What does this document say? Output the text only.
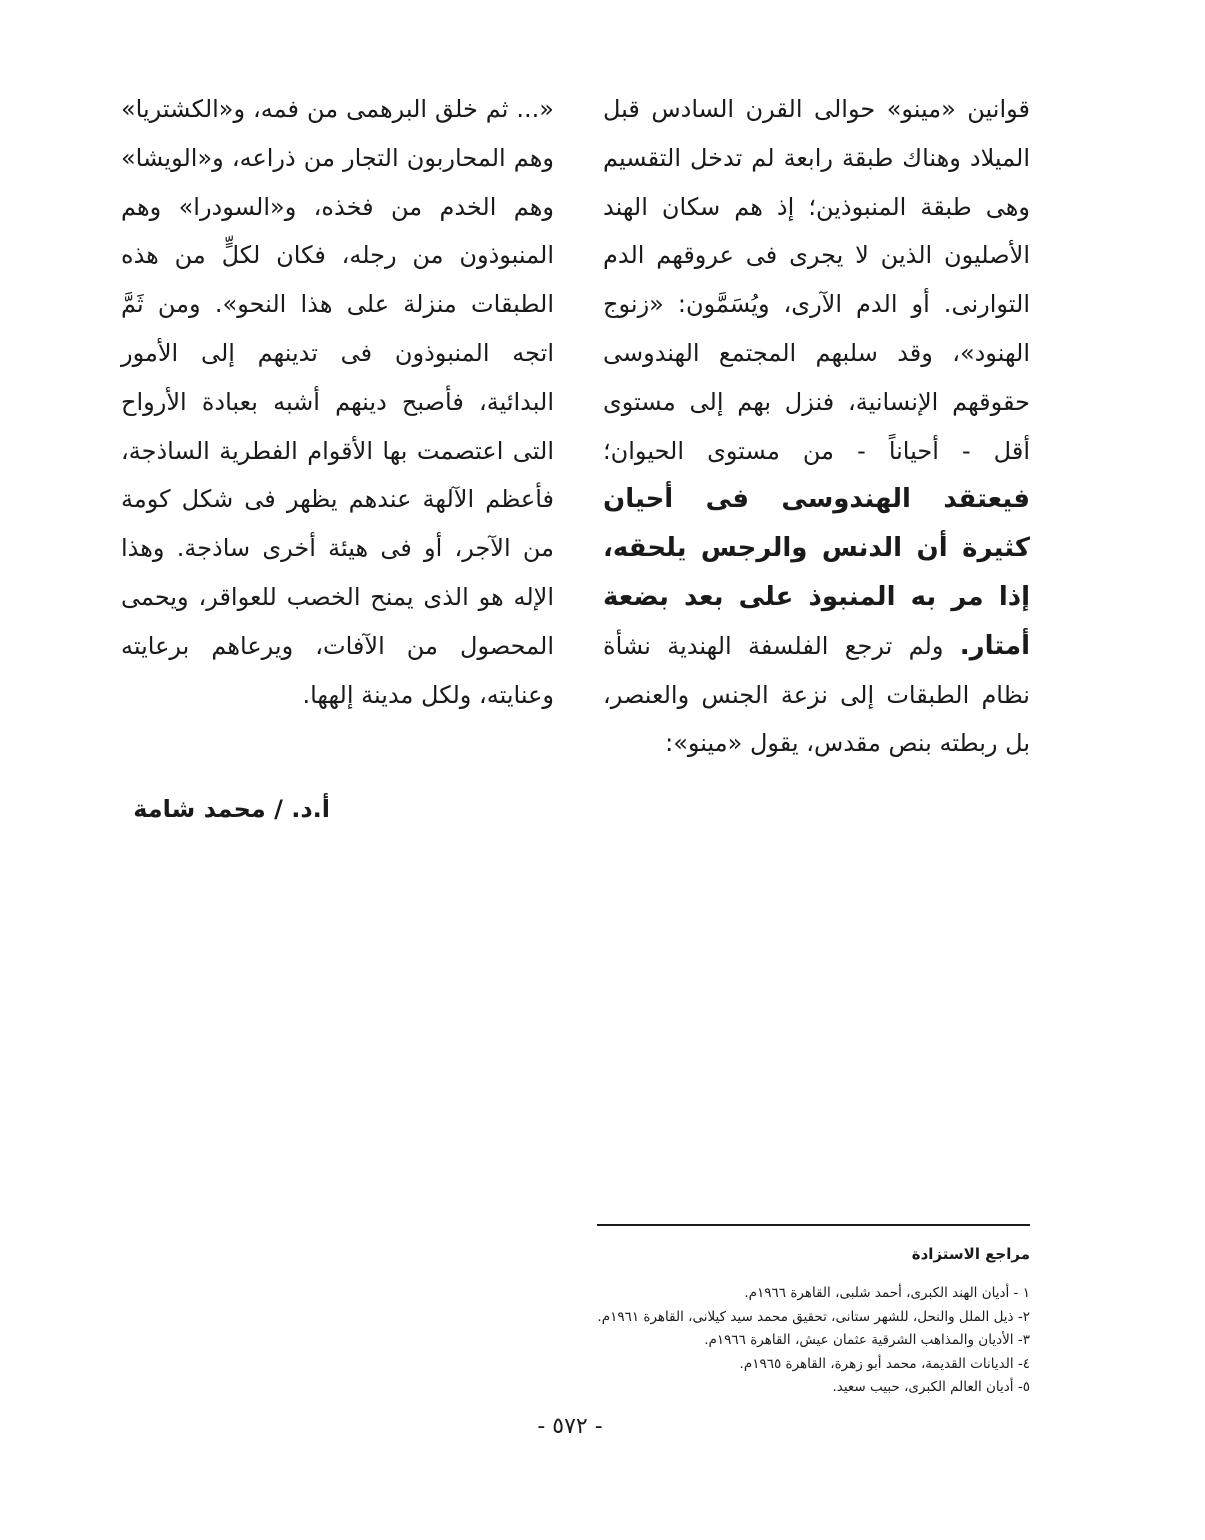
قوانين «مينو» حوالى القرن السادس قبل الميلاد وهناك طبقة رابعة لم تدخل التقسيم وهى طبقة المنبوذين؛ إذ هم سكان الهند الأصليون الذين لا يجرى فى عروقهم الدم التوارنى. أو الدم الآرى، ويُسَمَّون: «زنوج الهنود»، وقد سلبهم المجتمع الهندوسى حقوقهم الإنسانية، فنزل بهم إلى مستوى أقل - أحياناً - من مستوى الحيوان؛ فيعتقد الهندوسى فى أحيان كثيرة أن الدنس والرجس يلحقه، إذا مر به المنبوذ على بعد بضعة أمتار. ولم ترجع الفلسفة الهندية نشأة نظام الطبقات إلى نزعة الجنس والعنصر، بل ربطته بنص مقدس، يقول «مينو»:

«... ثم خلق البرهمى من فمه، و«الكشتريا» وهم المحاربون التجار من ذراعه، و«الويشا» وهم الخدم من فخذه، و«السودرا» وهم المنبوذون من رجله، فكان لكلٍّ من هذه الطبقات منزلة على هذا النحو». ومن ثَمَّ اتجه المنبوذون فى تدينهم إلى الأمور البدائية، فأصبح دينهم أشبه بعبادة الأرواح التى اعتصمت بها الأقوام الفطرية الساذجة، فأعظم الآلهة عندهم يظهر فى شكل كومة من الآجر، أو فى هيئة أخرى ساذجة. وهذا الإله هو الذى يمنح الخصب للعواقر، ويحمى المحصول من الآفات، ويرعاهم برعايته وعنايته، ولكل مدينة إلهها.

أ.د. / محمد شامة
مراجع الاستزادة
١ - أديان الهند الكبرى، أحمد شلبى، القاهرة ١٩٦٦م.
٢- ذيل الملل والنحل، للشهر ستانى، تحقيق محمد سيد كيلانى، القاهرة ١٩٦١م.
٣- الأديان والمذاهب الشرقية عثمان عيش، القاهرة ١٩٦٦م.
٤- الديانات القديمة، محمد أبو زهرة، القاهرة ١٩٦٥م.
٥- أديان العالم الكبرى، حبيب سعيد.
- ٥٧٢ -
